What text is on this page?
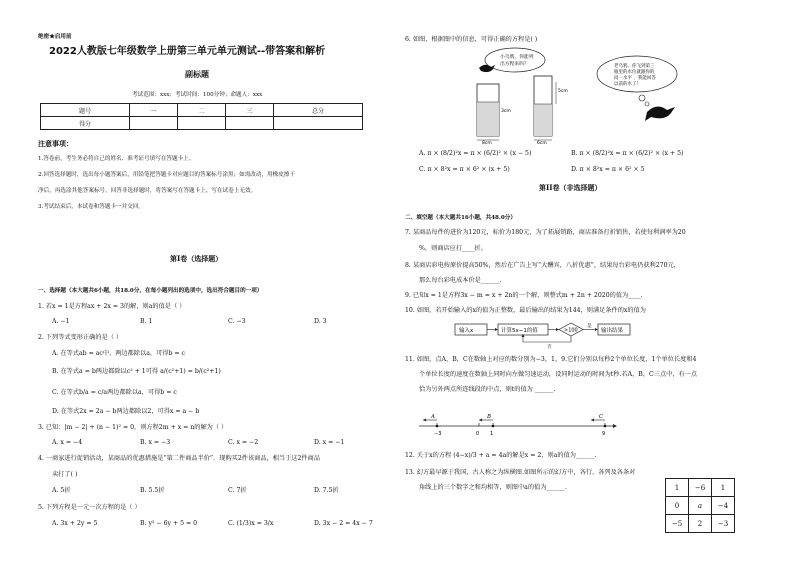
绝密★启用前
2022人教版七年级数学上册第三单元单元测试--带答案和解析
副标题
考试范围：xxx；考试时间：100分钟；命题人：xxx
题号	一	二	三	总分
得分				
注意事项：
1.答卷前，考生务必将自己的姓名、准考证号填写在答题卡上。
2.回答选择题时，选出每小题答案后，用铅笔把答题卡对应题目的答案标号涂黑；如需改动，用橡皮擦干
净后，再选涂其他答案标号。回答非选择题时，将答案写在答题卡上，写在试卷上无效。
3.考试结束后，本试卷和答题卡一并交回。
第I卷（选择题）
一、选择题（本大题共6小题，共18.0分，在每小题列出的选项中，选出符合题目的一项）
1. 若x = 1是方程ax + 2x = 3的解，则a的值是（ ）
A. −1	B. 1	C. −3	D. 3
2. 下列等式变形正确的是（ ）
A. 在等式ab = ac中，两边都除以a，可得b = c
B. 在等式a = b两边都除以c² + 1可得 a/(c²+1) = b/(c²+1)
C. 在等式b/a = c/a两边都除以a，可得b = c
D. 在等式2x = 2a − b两边都除以2，可得x = a − b
3. 已知：|m − 2| + (n − 1)² = 0，则方程2m + x = n的解为（ ）
A. x = −4	B. x = −3	C. x = −2	D. x = −1
4. 一商家进行促销活动，某商品的优惠措施是“第二件商品半价”．现购买2件该商品，相当于这2件商品
卖打了( )
A. 5折	B. 5.5折	C. 7折	D. 7.5折
5. 下列方程是一元一次方程的是（ ）
A. 3x + 2y = 5	B. y² − 6y + 5 = 0	C. (1/3)x = 3/x	D. 3x − 2 = 4x − 7
6. 如图，根据图中的信息，可得正确的方程是( )
小乌鸦，你能列
出方程来吗？
8cm
3cm
6cm
5cm
老乌鸦，你飞到第三
瓶里的水位就跟你的
同一水平 ，我能回答
以前的水了！
A. π × (8/2)²x = π × (6/2)² × (x − 5)	B. π × (8/2)²x = π × (6/2)² × (x + 5)
C. π × 8²x = π × 6² × (x + 5)	D. π × 8²x = π × 6² × 5
第II卷（非选择题）
二、填空题（本大题共16小题，共48.0分）
7. 某商品每件的进价为120元，标价为180元，为了拓展销路，商店准备打折销售，若使每利润率为20
%，则商店应打____折。
8. 某商店彩电按原价提高50%，然后在广告上写“大酬宾，八折优惠”，结果每台彩电仍获利270元，
那么每台彩电成本价是______.
9. 已知x = 1是方程3x − m = x + 2n的一个解，则整式m + 2n + 2020的值为____.
10. 如图，若开始输入的x的值为正整数，最后输出的结果为144，则满足条件的x的值为
输入x	计算5x−1的值	>100
是
输出结果
否
11. 如图，点A，B，C在数轴上对应的数分别为−3，1，9.它们分别以每秒2个单位长度，1个单位长度和4
个单位长度的速度在数轴上同时向左做匀速运动，设同时运动的时间为t秒.若A，B，C三点中，有一点
恰为另外两点所连线段的中点，则t的值为 ______.
−3	0 1	9
A	B	C
12. 关于x的方程 (4−x)/3 + a = 4a的解是x = 2，则a的值为______.
13. 幻方最早源于我国，古人称之为纵横图.如图所示的幻方中，各行、各列及各条对
角线上的三个数字之和均相等，则图中a的值为______.	1	−6	1
0	a	−4
−5	2	−3
